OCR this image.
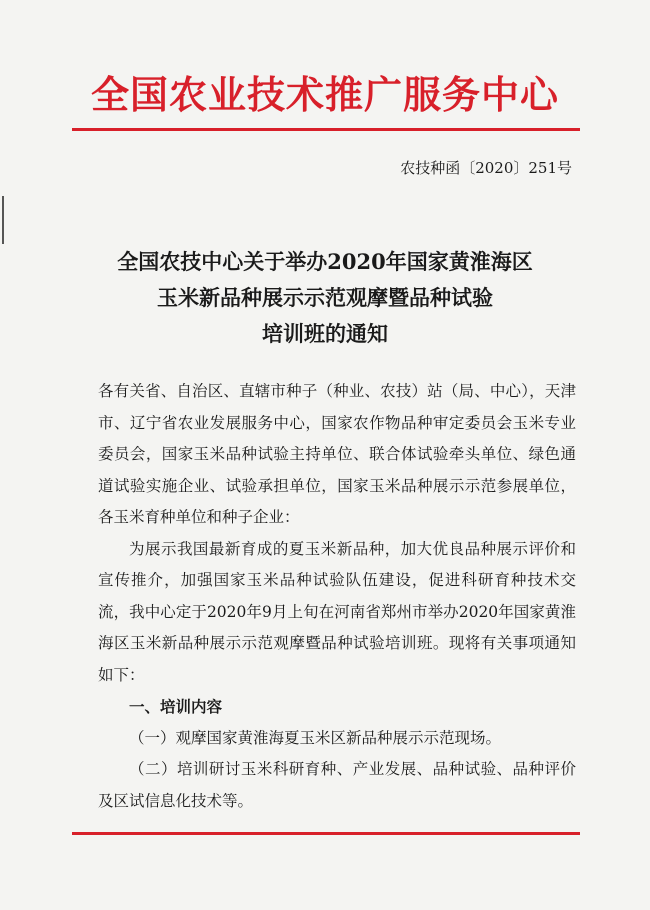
全国农业技术推广服务中心
农技种函〔2020〕251号
全国农技中心关于举办2020年国家黄淮海区
玉米新品种展示示范观摩暨品种试验
培训班的通知
各有关省、自治区、直辖市种子（种业、农技）站（局、中心），天津市、辽宁省农业发展服务中心，国家农作物品种审定委员会玉米专业委员会，国家玉米品种试验主持单位、联合体试验牵头单位、绿色通道试验实施企业、试验承担单位，国家玉米品种展示示范参展单位，各玉米育种单位和种子企业：
为展示我国最新育成的夏玉米新品种，加大优良品种展示评价和宣传推介，加强国家玉米品种试验队伍建设，促进科研育种技术交流，我中心定于2020年9月上旬在河南省郑州市举办2020年国家黄淮海区玉米新品种展示示范观摩暨品种试验培训班。现将有关事项通知如下：
一、培训内容
（一）观摩国家黄淮海夏玉米区新品种展示示范现场。
（二）培训研讨玉米科研育种、产业发展、品种试验、品种评价及区试信息化技术等。
